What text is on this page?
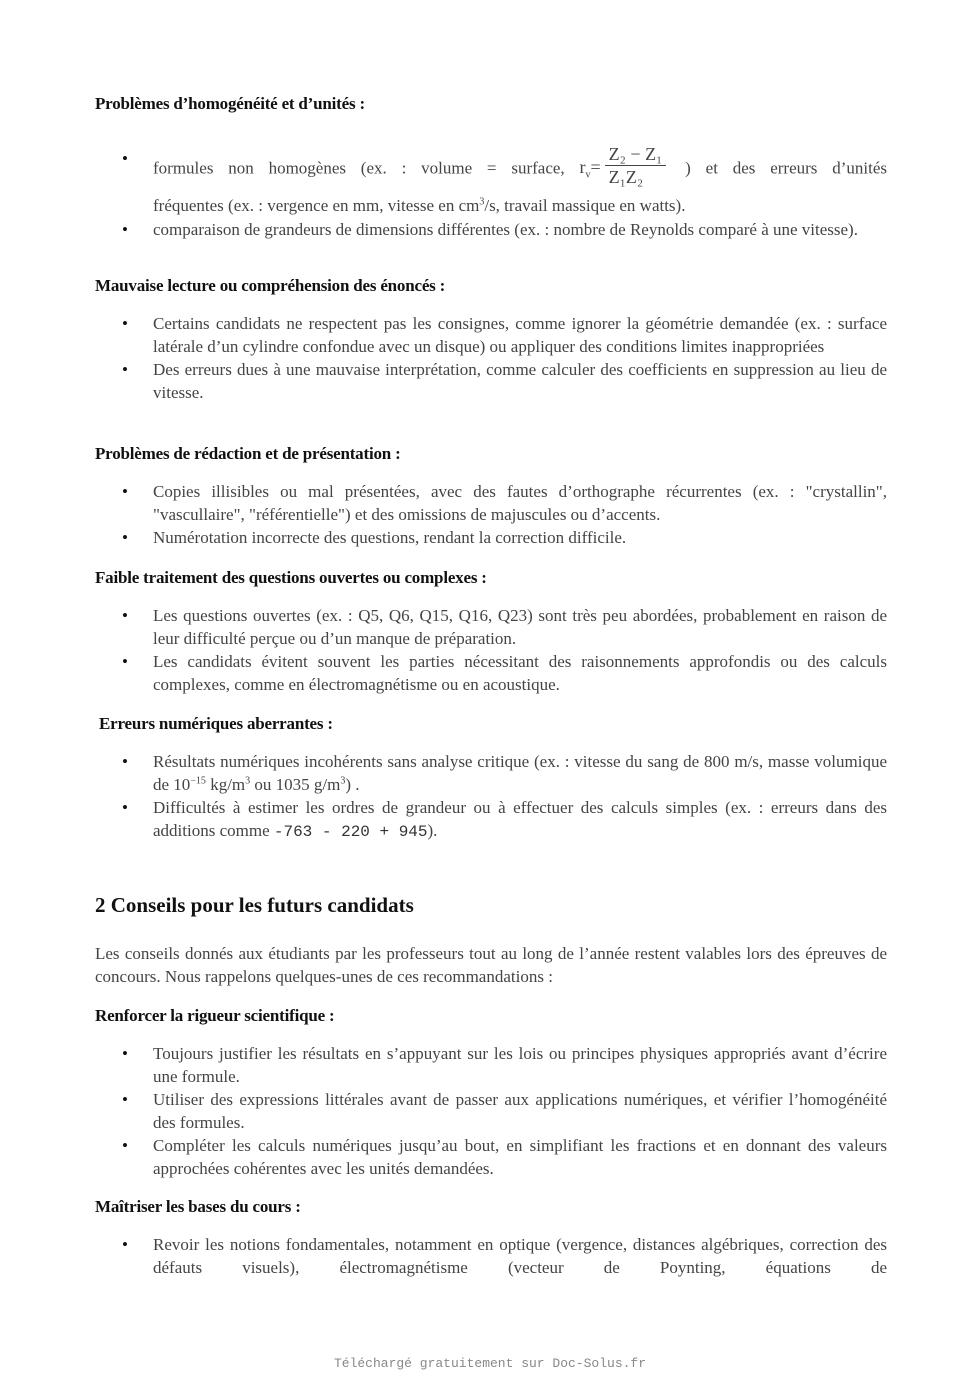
Problèmes d’homogénéité et d’unités :
• formules non homogènes (ex. : volume = surface, $r_v= \frac{\text{Z₂ − Z₁}}{\text{Z₁Z₂}}$ ) et des erreurs d’unités
fréquentes (ex. : vergence en mm, vitesse en $cm^3/s$, travail massique en watts).
• comparaison de grandeurs de dimensions différentes (ex. : nombre de Reynolds comparé à une vitesse).
Mauvaise lecture ou compréhension des énoncés :
• Certains candidats ne respectent pas les consignes, comme ignorer la géométrie demandée (ex. : surface latérale d’un cylindre confondue avec un disque) ou appliquer des conditions limites inappropriées
• Des erreurs dues à une mauvaise interprétation, comme calculer des coefficients en suppression au lieu de vitesse.
Problèmes de rédaction et de présentation :
• Copies illisibles ou mal présentées, avec des fautes d’orthographe récurrentes (ex. : "crystallin", "vascullaire", "référentielle") et des omissions de majuscules ou d’accents.
• Numérotation incorrecte des questions, rendant la correction difficile.
Faible traitement des questions ouvertes ou complexes :
• Les questions ouvertes (ex. : Q5, Q6, Q15, Q16, Q23) sont très peu abordées, probablement en raison de leur difficulté perçue ou d’un manque de préparation.
• Les candidats évitent souvent les parties nécessitant des raisonnements approfondis ou des calculs complexes, comme en électromagnétisme ou en acoustique.
Erreurs numériques aberrantes :
• Résultats numériques incohérents sans analyse critique (ex. : vitesse du sang de 800 m/s, masse volumique de $10^{-15}$ $kg/m^3$ ou 1035 $g/m^3$) .
• Difficultés à estimer les ordres de grandeur ou à effectuer des calculs simples (ex. : erreurs dans des additions comme -763 - 220 + 945).
2 Conseils pour les futurs candidats
Les conseils donnés aux étudiants par les professeurs tout au long de l’année restent valables lors des épreuves de concours. Nous rappelons quelques-unes de ces recommandations :
Renforcer la rigueur scientifique :
• Toujours justifier les résultats en s’appuyant sur les lois ou principes physiques appropriés avant d’écrire une formule.
• Utiliser des expressions littérales avant de passer aux applications numériques, et vérifier l’homogénéité des formules.
• Compléter les calculs numériques jusqu’au bout, en simplifiant les fractions et en donnant des valeurs approchées cohérentes avec les unités demandées.
Maîtriser les bases du cours :
• Revoir les notions fondamentales, notamment en optique (vergence, distances algébriques, correction des défauts visuels), électromagnétisme (vecteur de Poynting, équations de
Téléchargé gratuitement sur Doc-Solus.fr
